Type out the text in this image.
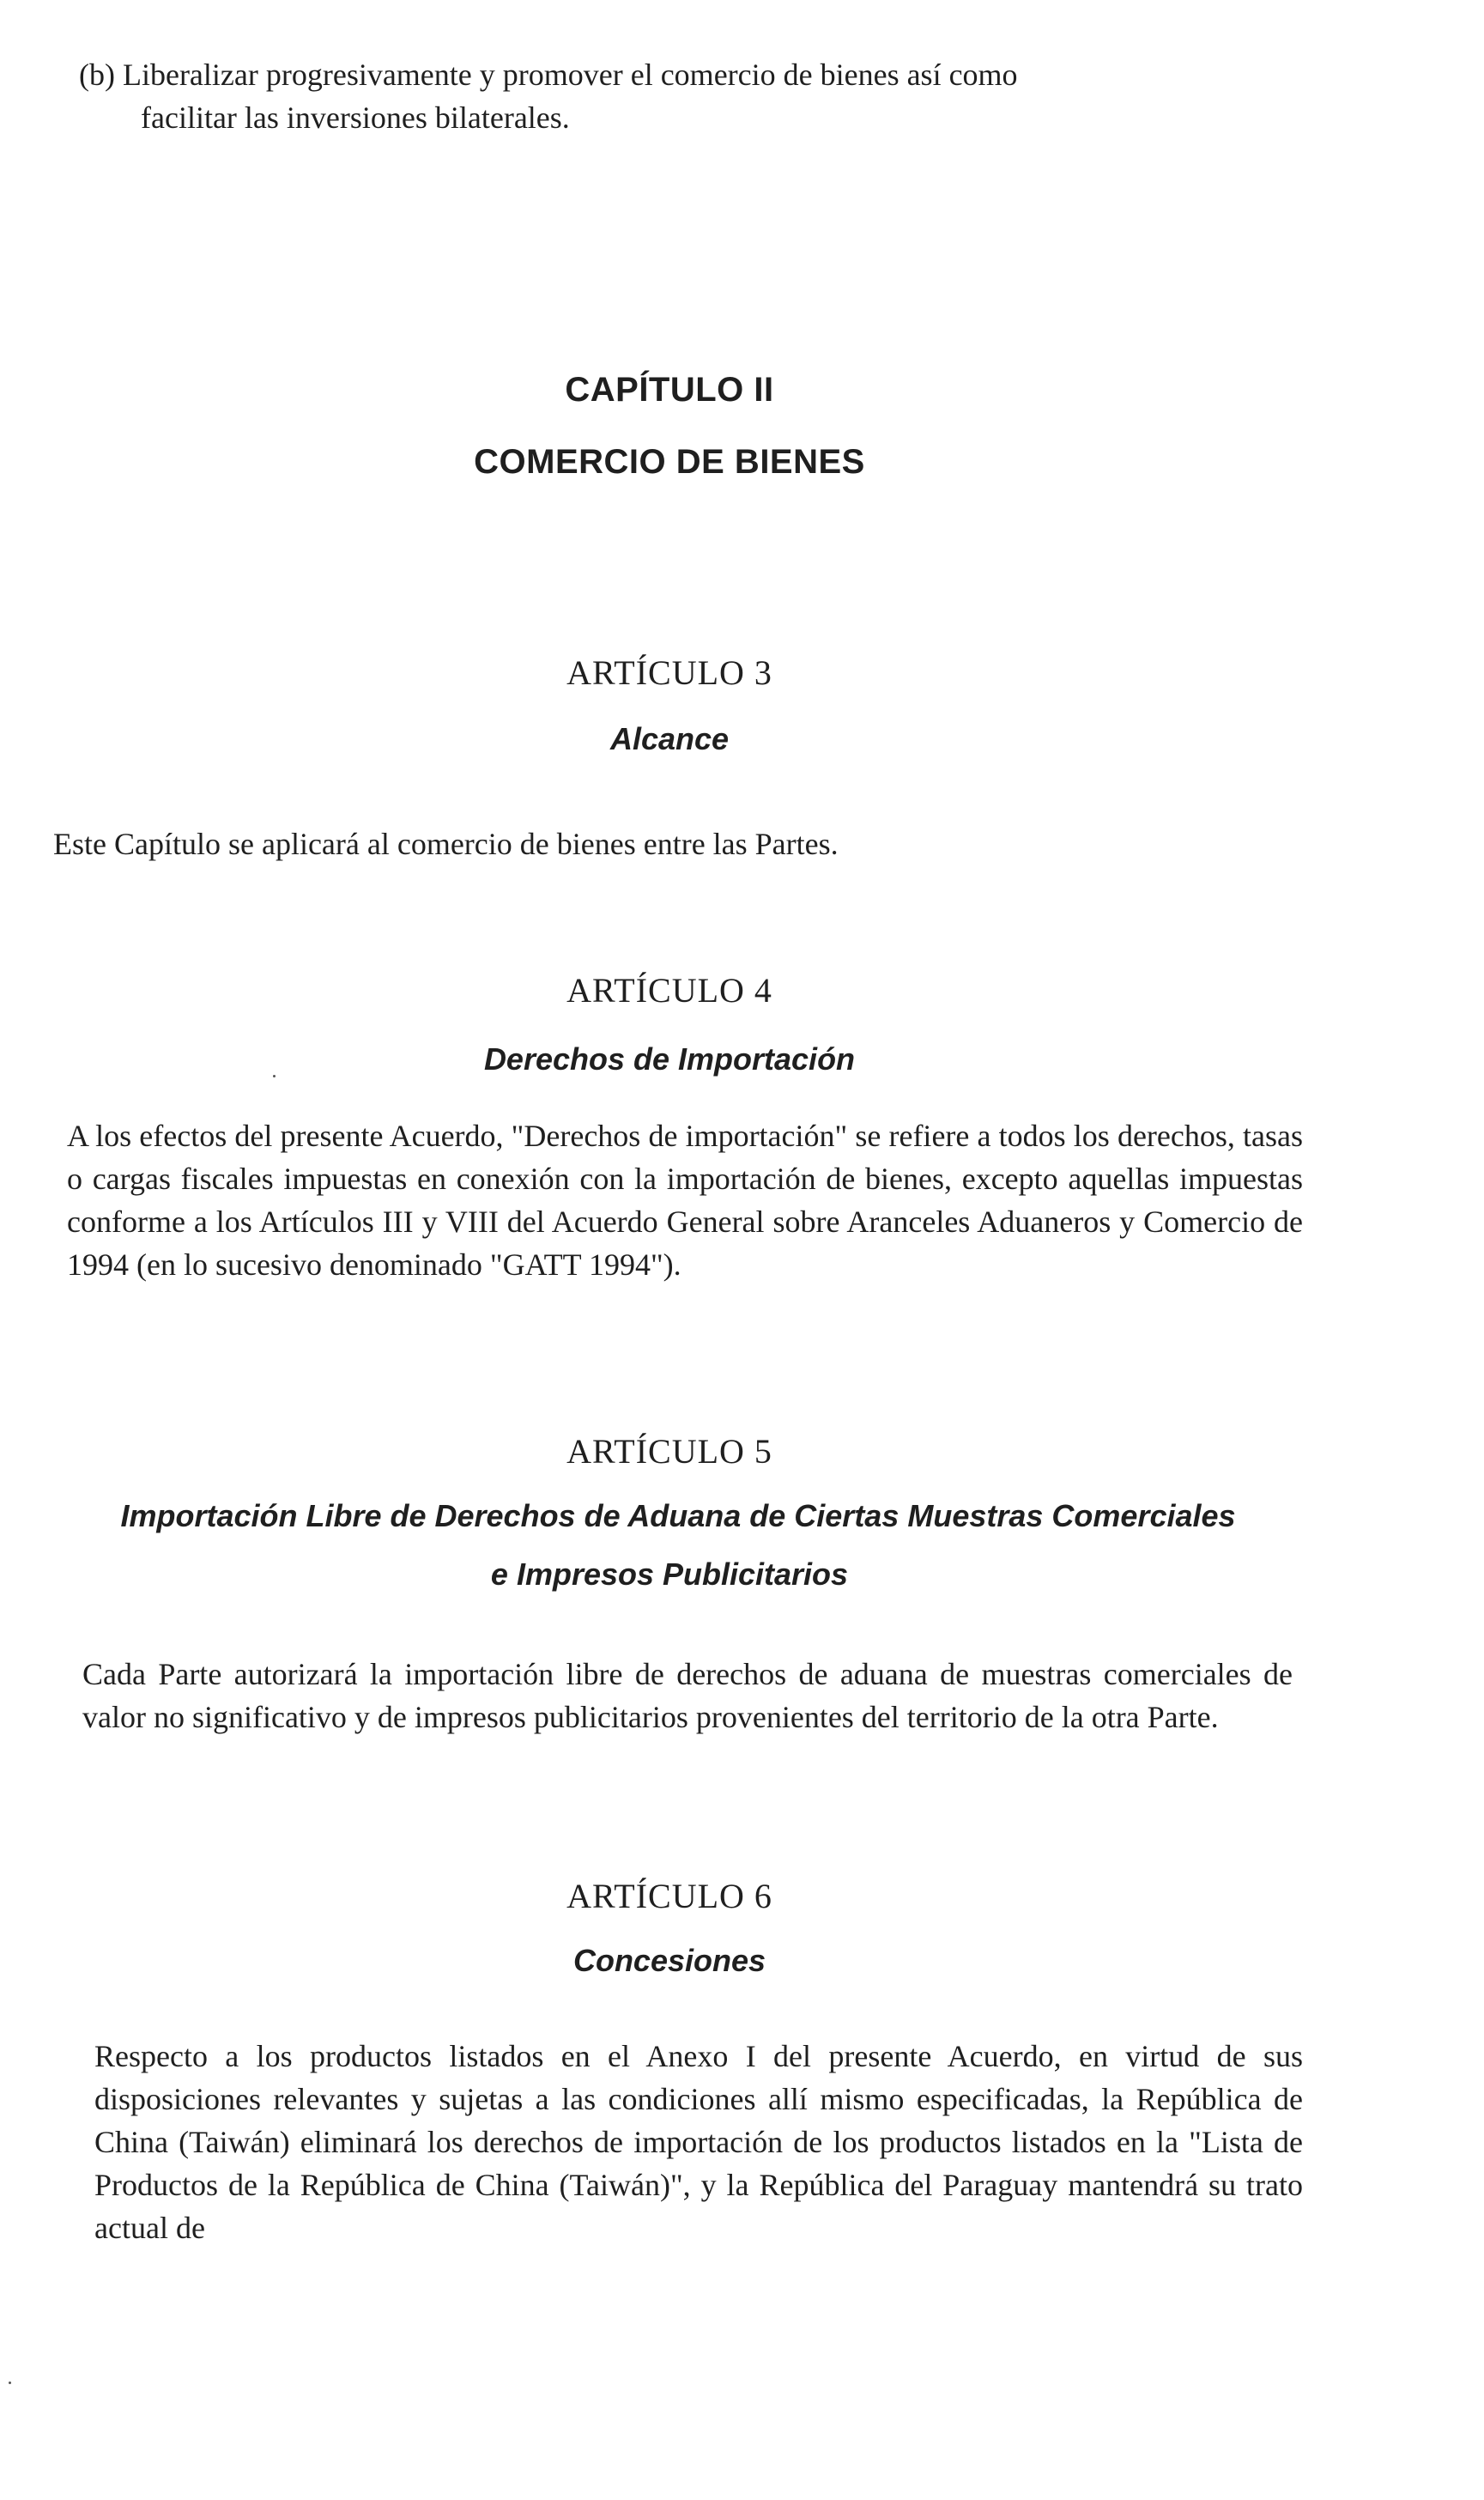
(b) Liberalizar progresivamente y promover el comercio de bienes así como

facilitar las inversiones bilaterales.

CAPÍTULO II
COMERCIO DE BIENES
ARTÍCULO 3
Alcance
Este Capítulo se aplicará al comercio de bienes entre las Partes.
ARTÍCULO 4
Derechos de Importación
A los efectos del presente Acuerdo, "Derechos de importación" se refiere a todos los derechos, tasas o cargas fiscales impuestas en conexión con la importación de bienes, excepto aquellas impuestas conforme a los Artículos III y VIII del Acuerdo General sobre Aranceles Aduaneros y Comercio de 1994 (en lo sucesivo denominado "GATT 1994").
ARTÍCULO 5
Importación Libre de Derechos de Aduana de Ciertas Muestras Comerciales
e Impresos Publicitarios
Cada Parte autorizará la importación libre de derechos de aduana de muestras comerciales de valor no significativo y de impresos publicitarios provenientes del territorio de la otra Parte.
ARTÍCULO 6
Concesiones
Respecto a los productos listados en el Anexo I del presente Acuerdo, en virtud de sus disposiciones relevantes y sujetas a las condiciones allí mismo especificadas, la República de China (Taiwán) eliminará los derechos de importación de los productos listados en la "Lista de Productos de la República de China (Taiwán)", y la República del Paraguay mantendrá su trato actual de
